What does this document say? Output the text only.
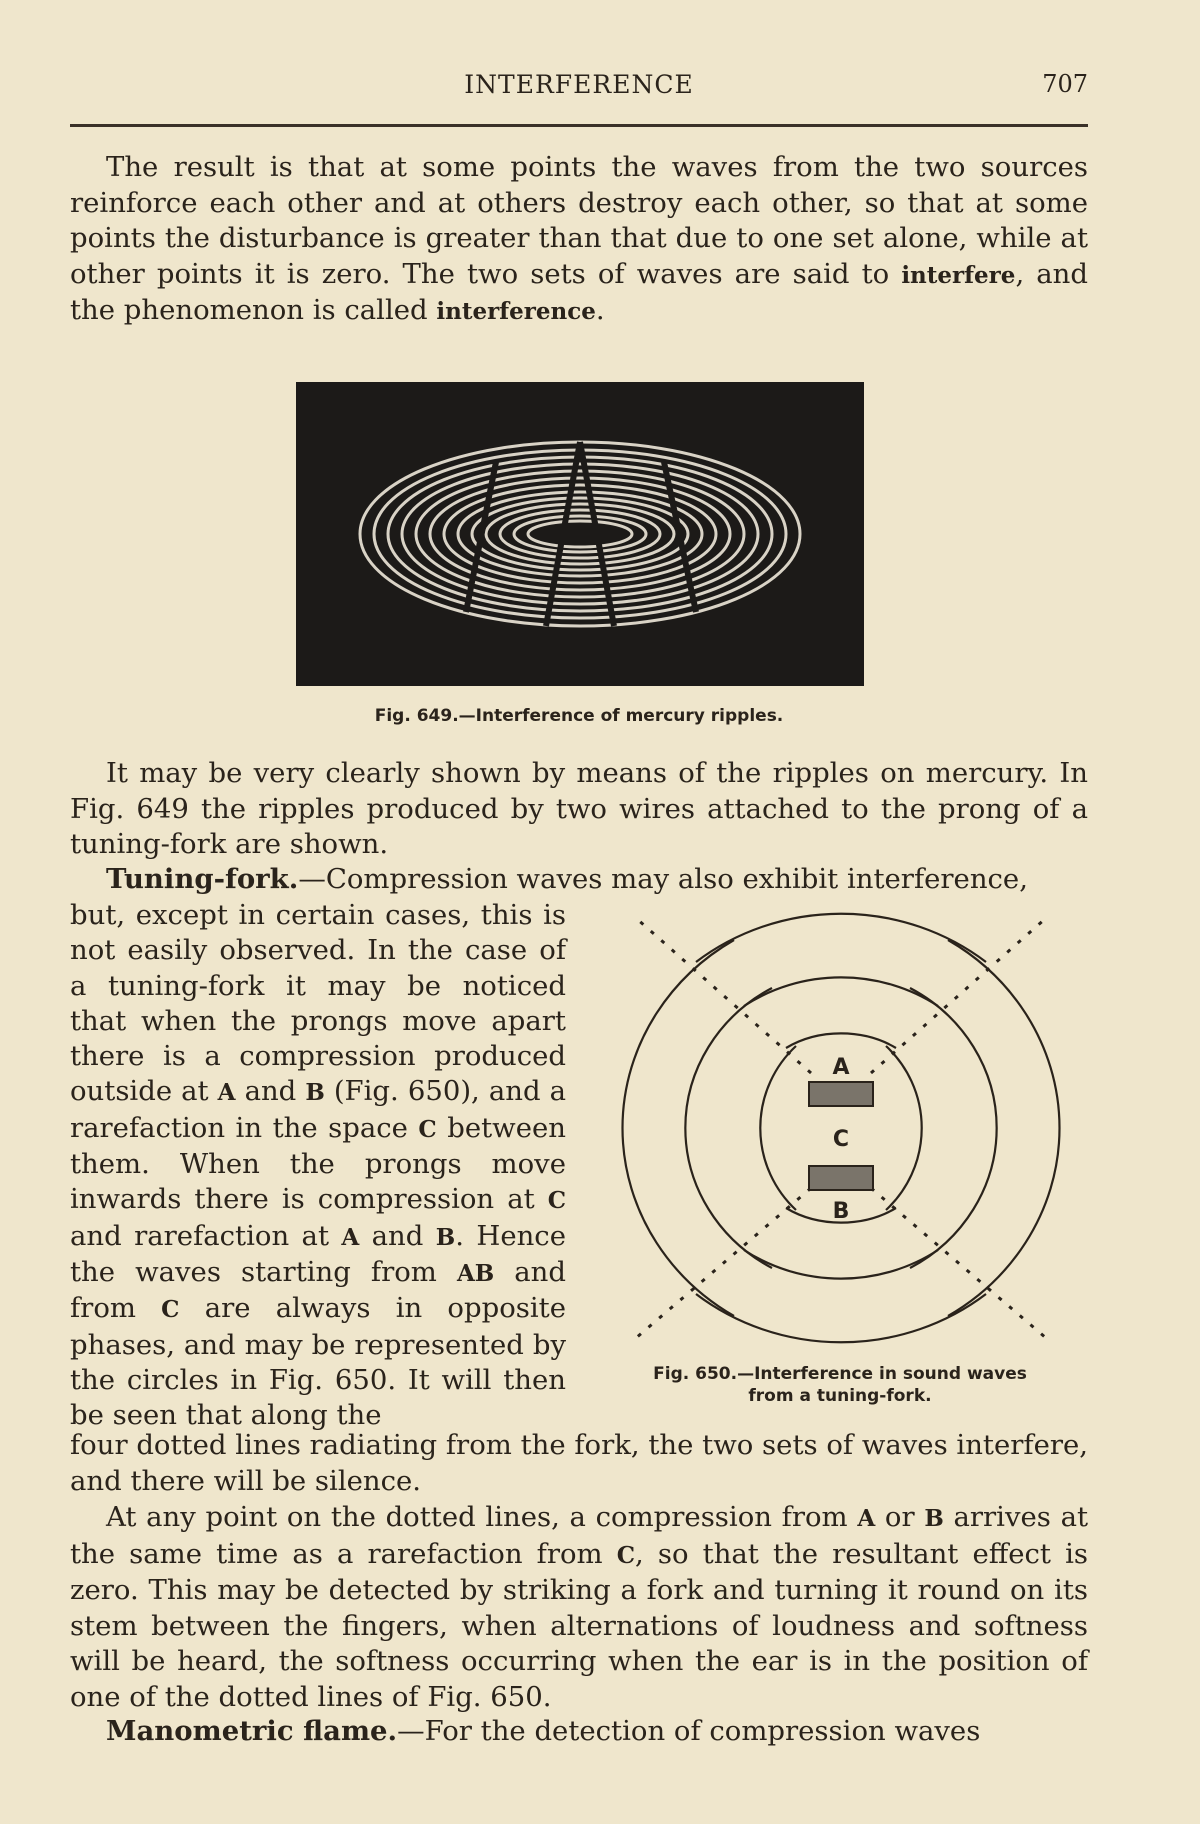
INTERFERENCE	707

The result is that at some points the waves from the two sources reinforce each other and at others destroy each other, so that at some points the disturbance is greater than that due to one set alone, while at other points it is zero. The two sets of waves are said to interfere, and the phenomenon is called interference.

Fig. 649.—Interference of mercury ripples.

It may be very clearly shown by means of the ripples on mercury. In Fig. 649 the ripples produced by two wires attached to the prong of a tuning-fork are shown.

Tuning-fork.—Compression waves may also exhibit interference,

but, except in certain cases, this is not easily observed. In the case of a tuning-fork it may be noticed that when the prongs move apart there is a compression produced outside at A and B (Fig. 650), and a rarefaction in the space C between them. When the prongs move inwards there is compression at C and rarefaction at A and B. Hence the waves starting from AB and from C are always in opposite phases, and may be represented by the circles in Fig. 650. It will then be seen that along the

A
C
B
Fig. 650.—Interference in sound waves
from a tuning-fork.

four dotted lines radiating from the fork, the two sets of waves interfere, and there will be silence.

At any point on the dotted lines, a compression from A or B arrives at the same time as a rarefaction from C, so that the resultant effect is zero. This may be detected by striking a fork and turning it round on its stem between the fingers, when alternations of loudness and softness will be heard, the softness occurring when the ear is in the position of one of the dotted lines of Fig. 650.

Manometric flame.—For the detection of compression waves
